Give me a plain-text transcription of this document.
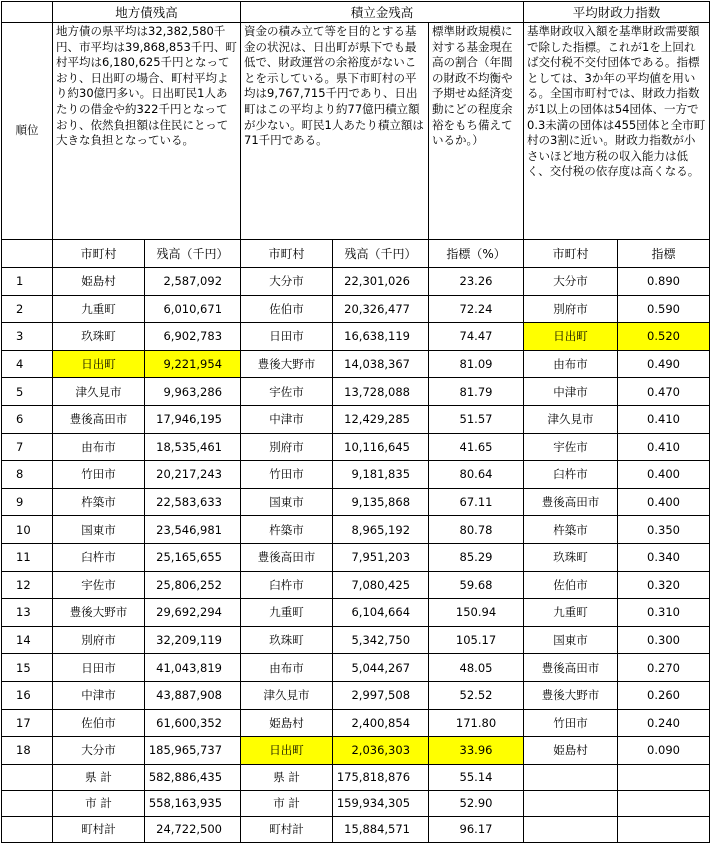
	地方債残高		積立金残高			平均財政力指数	
順位	地方債の県平均は32,382,580千円、市平均は39,868,853千円、町村平均は6,180,625千円となっており、日出町の場合、町村平均より約30億円多い。日出町民1人あたりの借金や約322千円となっており、依然負担額は住民にとって大きな負担となっている。		資金の積み立て等を目的とする基金の状況は、日出町が県下でも最低で、財政運営の余裕度がないことを示している。県下市町村の平均は9,767,715千円であり、日出町はこの平均より約77億円積立額が少ない。町民1人あたり積立額は71千円である。		標準財政規模に対する基金現在高の割合（年間の財政不均衡や予期せぬ経済変動にどの程度余裕をもち備えているか。）	基準財政収入額を基準財政需要額で除した指標。これが1を上回れば交付税不交付団体である。指標としては、3か年の平均値を用いる。全国市町村では、財政力指数が1以上の団体は54団体、一方で0.3未満の団体は455団体と全市町村の3割に近い。財政力指数が小さいほど地方税の収入能力は低く、交付税の依存度は高くなる。	
	市町村	残高（千円）	市町村	残高（千円）	指標（%）	市町村	指標
1	姫島村	2,587,092	大分市	22,301,026	23.26	大分市	0.890
2	九重町	6,010,671	佐伯市	20,326,477	72.24	別府市	0.590
3	玖珠町	6,902,783	日田市	16,638,119	74.47	日出町	0.520
4	日出町	9,221,954	豊後大野市	14,038,367	81.09	由布市	0.490
5	津久見市	9,963,286	宇佐市	13,728,088	81.79	中津市	0.470
6	豊後高田市	17,946,195	中津市	12,429,285	51.57	津久見市	0.410
7	由布市	18,535,461	別府市	10,116,645	41.65	宇佐市	0.410
8	竹田市	20,217,243	竹田市	9,181,835	80.64	臼杵市	0.400
9	杵築市	22,583,633	国東市	9,135,868	67.11	豊後高田市	0.400
10	国東市	23,546,981	杵築市	8,965,192	80.78	杵築市	0.350
11	臼杵市	25,165,655	豊後高田市	7,951,203	85.29	玖珠町	0.340
12	宇佐市	25,806,252	臼杵市	7,080,425	59.68	佐伯市	0.320
13	豊後大野市	29,692,294	九重町	6,104,664	150.94	九重町	0.310
14	別府市	32,209,119	玖珠町	5,342,750	105.17	国東市	0.300
15	日田市	41,043,819	由布市	5,044,267	48.05	豊後高田市	0.270
16	中津市	43,887,908	津久見市	2,997,508	52.52	豊後大野市	0.260
17	佐伯市	61,600,352	姫島村	2,400,854	171.80	竹田市	0.240
18	大分市	185,965,737	日出町	2,036,303	33.96	姫島村	0.090
	県 計	582,886,435	県 計	175,818,876	55.14		
	市 計	558,163,935	市 計	159,934,305	52.90		
	町村計	24,722,500	町村計	15,884,571	96.17		
